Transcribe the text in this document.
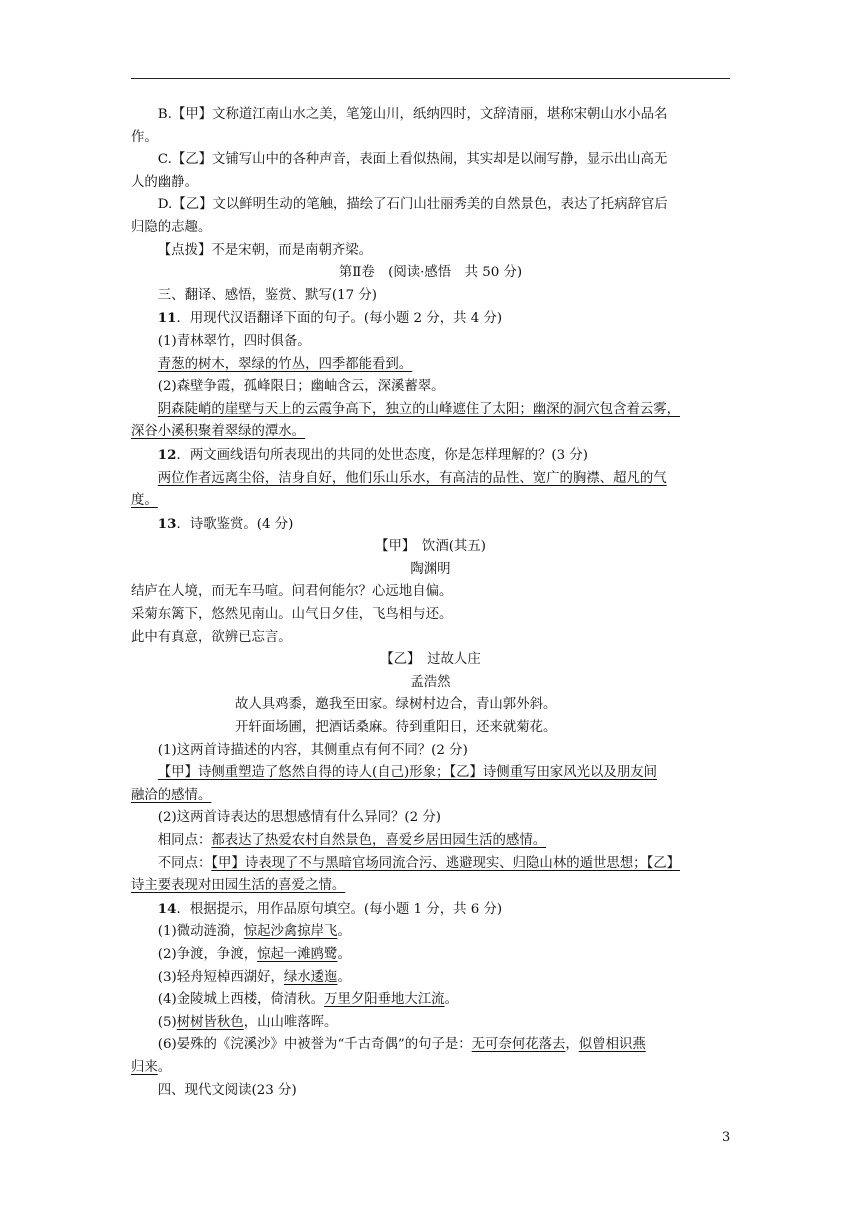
B.【甲】文称道江南山水之美，笔笼山川，纸纳四时，文辞清丽，堪称宋朝山水小品名

作。

C.【乙】文铺写山中的各种声音，表面上看似热闹，其实却是以闹写静，显示出山高无

人的幽静。

D.【乙】文以鲜明生动的笔触，描绘了石门山壮丽秀美的自然景色，表达了托病辞官后

归隐的志趣。

【点拨】不是宋朝，而是南朝齐梁。

第Ⅱ卷　(阅读·感悟　共 50 分)

三、翻译、感悟，鉴赏、默写(17 分)

11．用现代汉语翻译下面的句子。(每小题 2 分，共 4 分)

(1)青林翠竹，四时俱备。

青葱的树木，翠绿的竹丛，四季都能看到。

(2)森壁争霞，孤峰限日；幽岫含云，深溪蓄翠。

阴森陡峭的崖壁与天上的云霞争高下，独立的山峰遮住了太阳；幽深的洞穴包含着云雾，

深谷小溪积聚着翠绿的潭水。

12．两文画线语句所表现出的共同的处世态度，你是怎样理解的？(3 分)

两位作者远离尘俗，洁身自好，他们乐山乐水，有高洁的品性、宽广的胸襟、超凡的气

度。

13．诗歌鉴赏。(4 分)

【甲】　饮酒(其五)

陶渊明

结庐在人境，而无车马喧。问君何能尔？心远地自偏。

采菊东篱下，悠然见南山。山气日夕佳，飞鸟相与还。

此中有真意，欲辨已忘言。

【乙】　过故人庄

孟浩然

故人具鸡黍，邀我至田家。绿树村边合，青山郭外斜。

开轩面场圃，把酒话桑麻。待到重阳日，还来就菊花。

(1)这两首诗描述的内容，其侧重点有何不同？(2 分)

【甲】诗侧重塑造了悠然自得的诗人(自己)形象；【乙】诗侧重写田家风光以及朋友间

融洽的感情。

(2)这两首诗表达的思想感情有什么异同？(2 分)

相同点：都表达了热爱农村自然景色，喜爱乡居田园生活的感情。

不同点：【甲】诗表现了不与黑暗官场同流合污、逃避现实、归隐山林的遁世思想；【乙】

诗主要表现对田园生活的喜爱之情。

14．根据提示，用作品原句填空。(每小题 1 分，共 6 分)

(1)微动涟漪，惊起沙禽掠岸飞。

(2)争渡，争渡，惊起一滩鸥鹭。

(3)轻舟短棹西湖好，绿水逶迤。

(4)金陵城上西楼，倚清秋。万里夕阳垂地大江流。

(5)树树皆秋色，山山唯落晖。

(6)晏殊的《浣溪沙》中被誉为“千古奇偶”的句子是：无可奈何花落去，似曾相识燕

归来。

四、现代文阅读(23 分)

3
